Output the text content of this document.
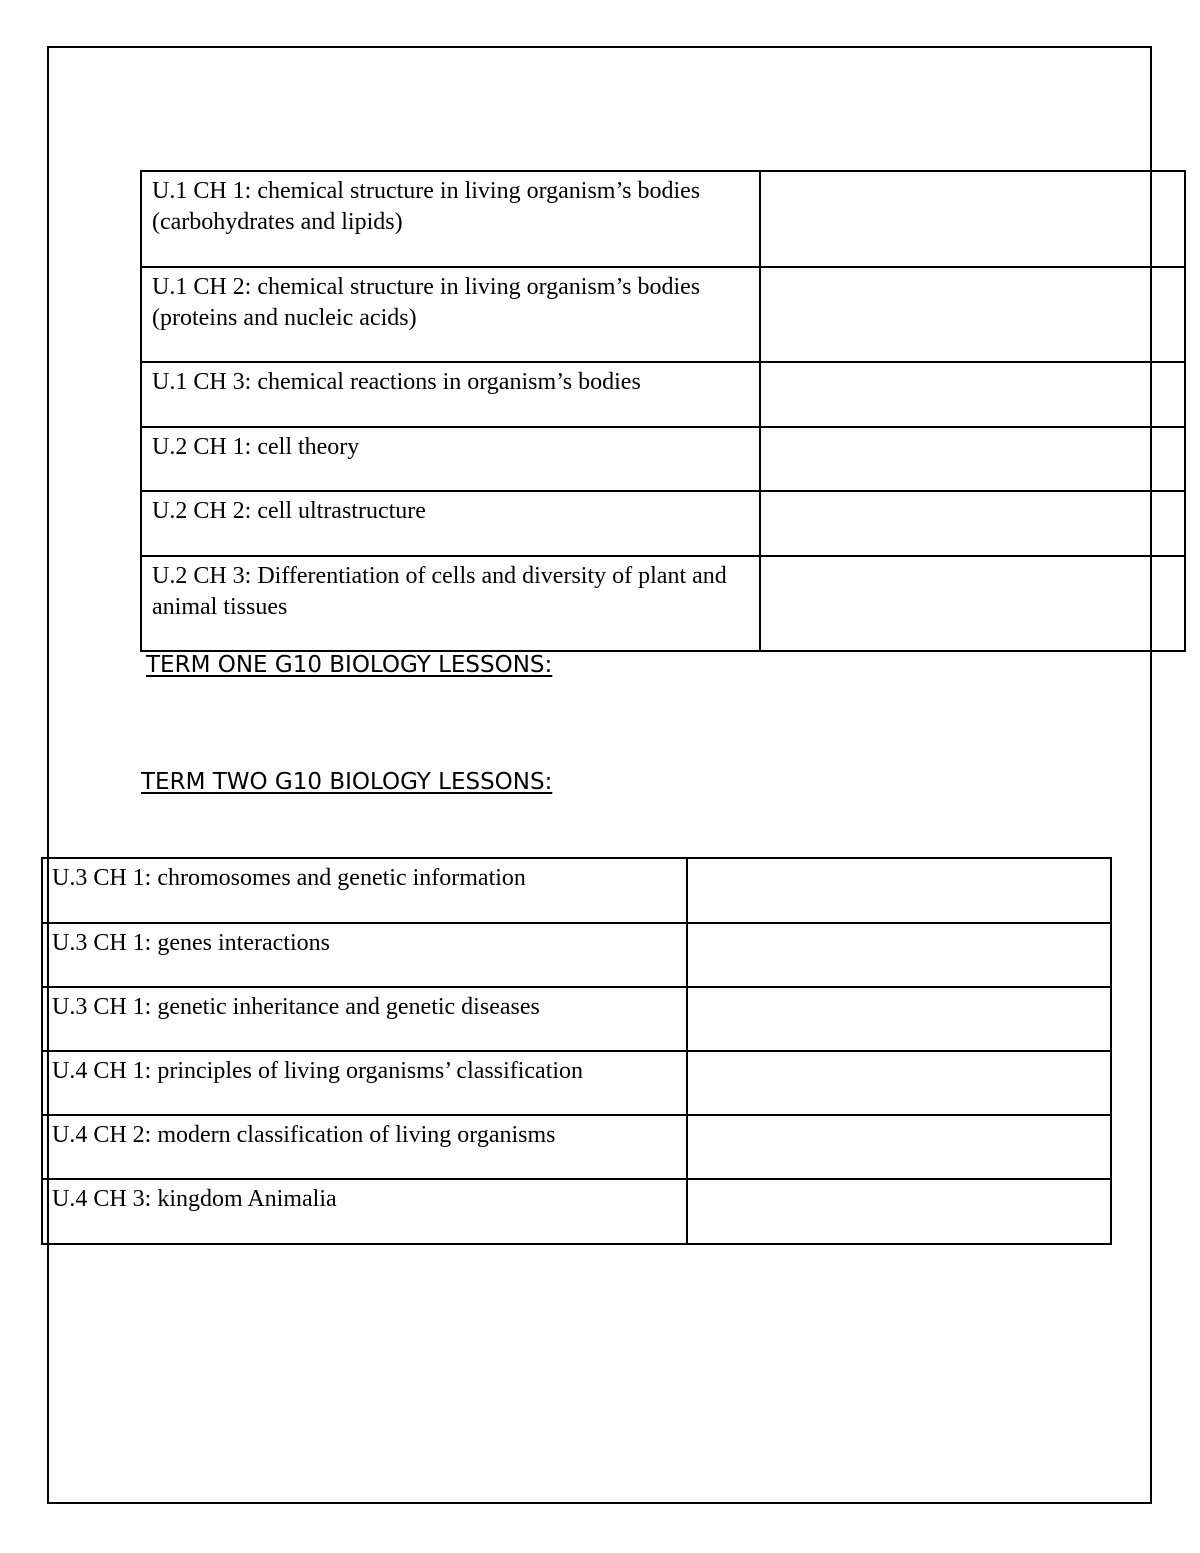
U.1 CH 1: chemical structure in living organism’s bodies (carbohydrates and lipids)	
U.1 CH 2: chemical structure in living organism’s bodies (proteins and nucleic acids)	
U.1 CH 3: chemical reactions in organism’s bodies	
U.2 CH 1: cell theory	
U.2 CH 2: cell ultrastructure	
U.2 CH 3: Differentiation of cells and diversity of plant and animal tissues	
TERM ONE G10 BIOLOGY LESSONS:
TERM TWO G10 BIOLOGY LESSONS:
U.3 CH 1: chromosomes and genetic information	
U.3 CH 1: genes interactions	
U.3 CH 1: genetic inheritance and genetic diseases	
U.4 CH 1: principles of living organisms’ classification	
U.4 CH 2: modern classification of living organisms	
U.4 CH 3: kingdom Animalia	
